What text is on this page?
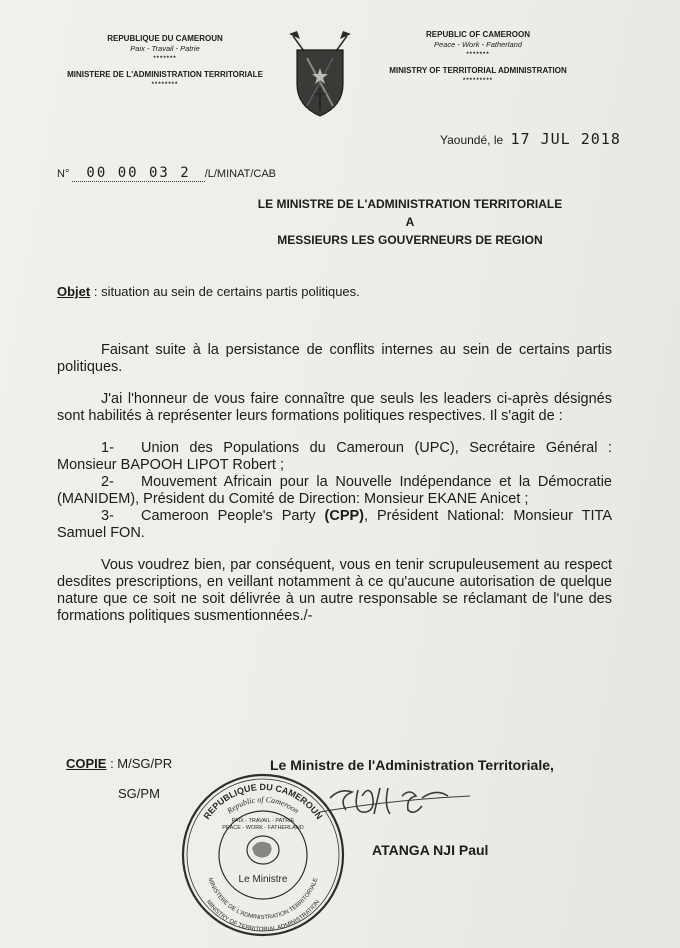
REPUBLIQUE DU CAMEROUN
Paix - Travail - Patrie
*******
MINISTERE DE L'ADMINISTRATION TERRITORIALE
********
REPUBLIC OF CAMEROON
Peace - Work - Fatherland
*******
MINISTRY OF TERRITORIAL ADMINISTRATION
*********
Yaoundé, le 17 JUL 2018
N° 00 00 03 2 /L/MINAT/CAB
LE MINISTRE DE L'ADMINISTRATION TERRITORIALE
A
MESSIEURS LES GOUVERNEURS DE REGION
Objet : situation au sein de certains partis politiques.

Faisant suite à la persistance de conflits internes au sein de certains partis politiques.

J'ai l'honneur de vous faire connaître que seuls les leaders ci-après désignés sont habilités à représenter leurs formations politiques respectives. Il s'agit de :

1- Union des Populations du Cameroun (UPC), Secrétaire Général : Monsieur BAPOOH LIPOT Robert ;

2- Mouvement Africain pour la Nouvelle Indépendance et la Démocratie (MANIDEM), Président du Comité de Direction: Monsieur EKANE Anicet ;

3- Cameroon People's Party (CPP), Président National: Monsieur TITA Samuel FON.

Vous voudrez bien, par conséquent, vous en tenir scrupuleusement au respect desdites prescriptions, en veillant notamment à ce qu'aucune autorisation de quelque nature que ce soit ne soit délivrée à un autre responsable se réclamant de l'une des formations politiques susmentionnées./-

COPIE : M/SG/PR
SG/PM
Le Ministre de l'Administration Territoriale,
REPUBLIQUE DU CAMEROUN
Republic of Cameroon
MINISTRY OF TERRITORIAL ADMINISTRATION
MINISTERE DE L'ADMINISTRATION TERRITORIALE
PAIX - TRAVAIL - PATRIE
PEACE - WORK - FATHERLAND
Le Ministre
ATANGA NJI Paul
